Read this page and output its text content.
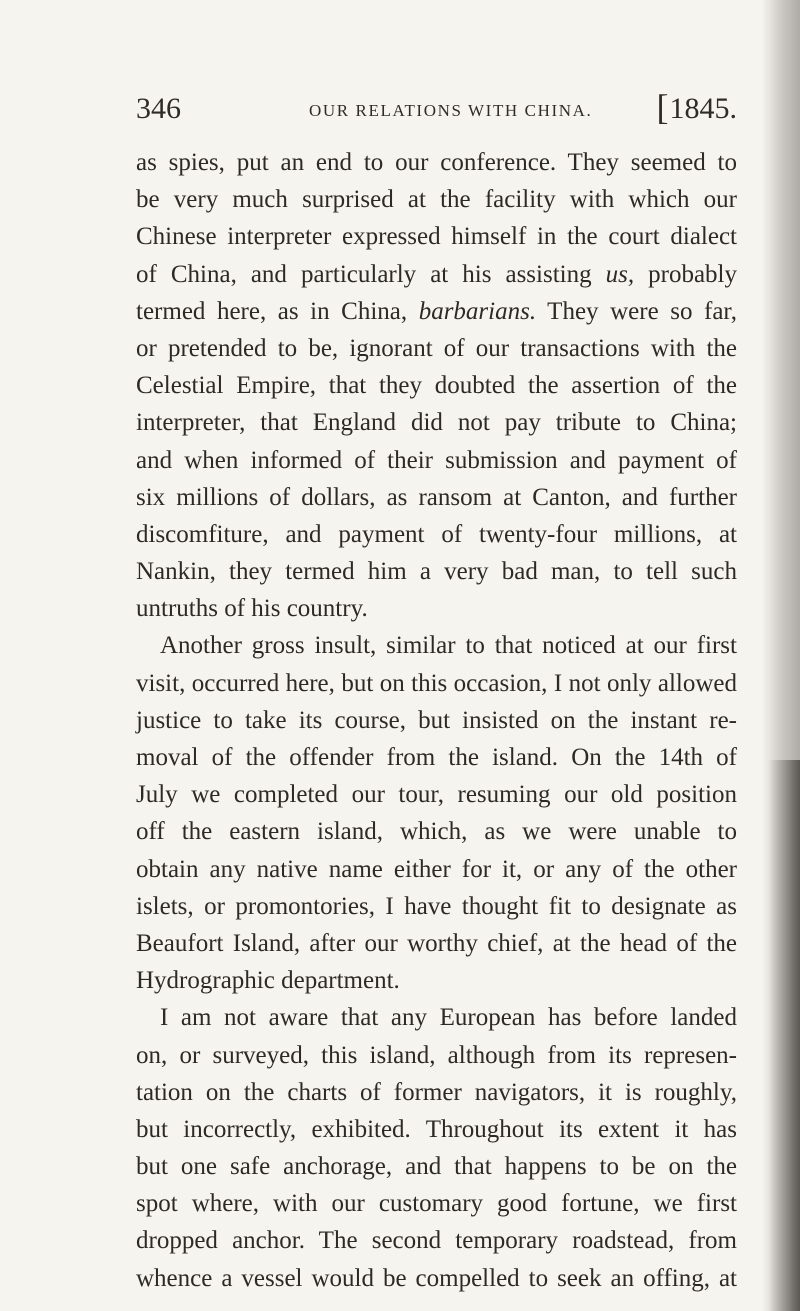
346	OUR RELATIONS WITH CHINA. [1845.
as spies, put an end to our conference. They seemed to
be very much surprised at the facility with which our
Chinese interpreter expressed himself in the court dialect
of China, and particularly at his assisting us, probably
termed here, as in China, barbarians. They were so far,
or pretended to be, ignorant of our transactions with the
Celestial Empire, that they doubted the assertion of the
interpreter, that England did not pay tribute to China;
and when informed of their submission and payment of
six millions of dollars, as ransom at Canton, and further
discomfiture, and payment of twenty-four millions, at
Nankin, they termed him a very bad man, to tell such
untruths of his country.
Another gross insult, similar to that noticed at our first
visit, occurred here, but on this occasion, I not only allowed
justice to take its course, but insisted on the instant re-
moval of the offender from the island. On the 14th of
July we completed our tour, resuming our old position
off the eastern island, which, as we were unable to
obtain any native name either for it, or any of the other
islets, or promontories, I have thought fit to designate as
Beaufort Island, after our worthy chief, at the head of the
Hydrographic department.
I am not aware that any European has before landed
on, or surveyed, this island, although from its represen-
tation on the charts of former navigators, it is roughly,
but incorrectly, exhibited. Throughout its extent it has
but one safe anchorage, and that happens to be on the
spot where, with our customary good fortune, we first
dropped anchor. The second temporary roadstead, from
whence a vessel would be compelled to seek an offing, at
